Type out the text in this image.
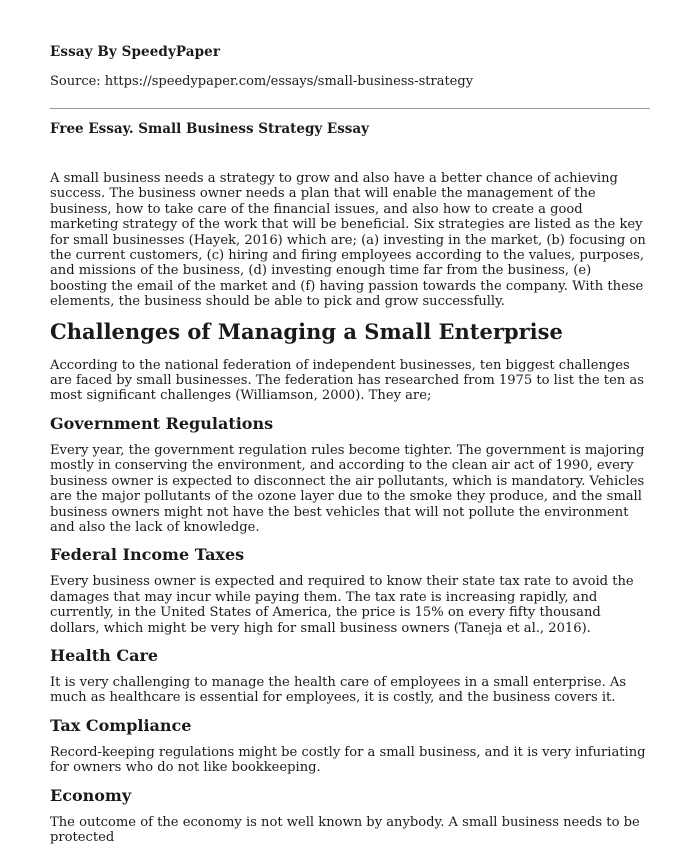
Essay By SpeedyPaper
Source: https://speedypaper.com/essays/small-business-strategy
Free Essay. Small Business Strategy Essay

A small business needs a strategy to grow and also have a better chance of achieving success. The business owner needs a plan that will enable the management of the business, how to take care of the financial issues, and also how to create a good marketing strategy of the work that will be beneficial. Six strategies are listed as the key for small businesses (Hayek, 2016) which are; (a) investing in the market, (b) focusing on the current customers, (c) hiring and firing employees according to the values, purposes, and missions of the business, (d) investing enough time far from the business, (e) boosting the email of the market and (f) having passion towards the company. With these elements, the business should be able to pick and grow successfully.

Challenges of Managing a Small Enterprise

According to the national federation of independent businesses, ten biggest challenges are faced by small businesses. The federation has researched from 1975 to list the ten as most significant challenges (Williamson, 2000). They are;

Government Regulations

Every year, the government regulation rules become tighter. The government is majoring mostly in conserving the environment, and according to the clean air act of 1990, every business owner is expected to disconnect the air pollutants, which is mandatory. Vehicles are the major pollutants of the ozone layer due to the smoke they produce, and the small business owners might not have the best vehicles that will not pollute the environment and also the lack of knowledge.

Federal Income Taxes

Every business owner is expected and required to know their state tax rate to avoid the damages that may incur while paying them. The tax rate is increasing rapidly, and currently, in the United States of America, the price is 15% on every fifty thousand dollars, which might be very high for small business owners (Taneja et al., 2016).

Health Care

It is very challenging to manage the health care of employees in a small enterprise. As much as healthcare is essential for employees, it is costly, and the business covers it.

Tax Compliance

Record-keeping regulations might be costly for a small business, and it is very infuriating for owners who do not like bookkeeping.

Economy

The outcome of the economy is not well known by anybody. A small business needs to be protected
